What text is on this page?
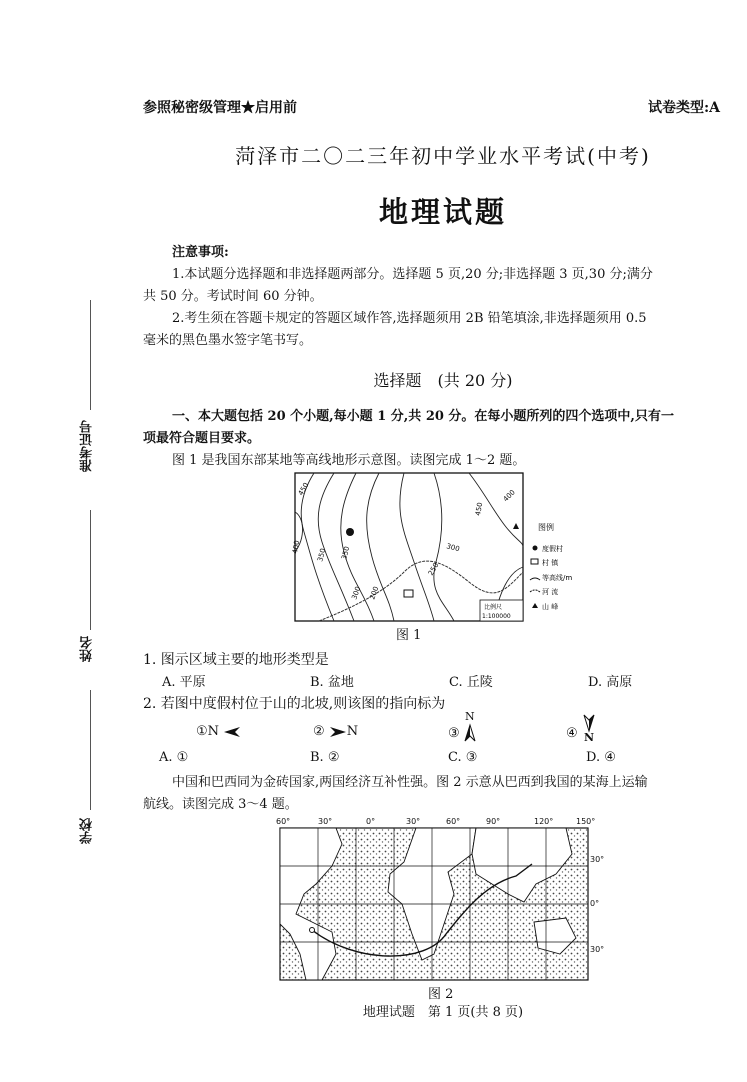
准考证号
姓名
学校
参照秘密级管理★启用前	试卷类型:A
菏泽市二〇二三年初中学业水平考试(中考)
地理试题
注意事项:
1.本试题分选择题和非选择题两部分。选择题 5 页,20 分;非选择题 3 页,30 分;满分
共 50 分。考试时间 60 分钟。
2.考生须在答题卡规定的答题区域作答,选择题须用 2B 铅笔填涂,非选择题须用 0.5
毫米的黑色墨水签字笔书写。
选择题　(共 20 分)
一、本大题包括 20 个小题,每小题 1 分,共 20 分。在每小题所列的四个选项中,只有一
项最符合题目要求。
图 1 是我国东部某地等高线地形示意图。读图完成 1～2 题。
450
400
350
300
250
200
350
400
300
450
比例尺
1:100000
图例
度假村
村 镇
等高线/m
河 流
山 峰
图 1
1. 图示区域主要的地形类型是
A. 平原	B. 盆地	C. 丘陵	D. 高原
2. 若图中度假村位于山的北坡,则该图的指向标为
①N	② N
N
③	④ N
A. ①	B. ②	C. ③	D. ④
中国和巴西同为金砖国家,两国经济互补性强。图 2 示意从巴西到我国的某海上运输
航线。读图完成 3～4 题。
60°	30°	0°	30°	60°	90°	120°	150°
30°
0°
30°
图 2
地理试题　第 1 页(共 8 页)
